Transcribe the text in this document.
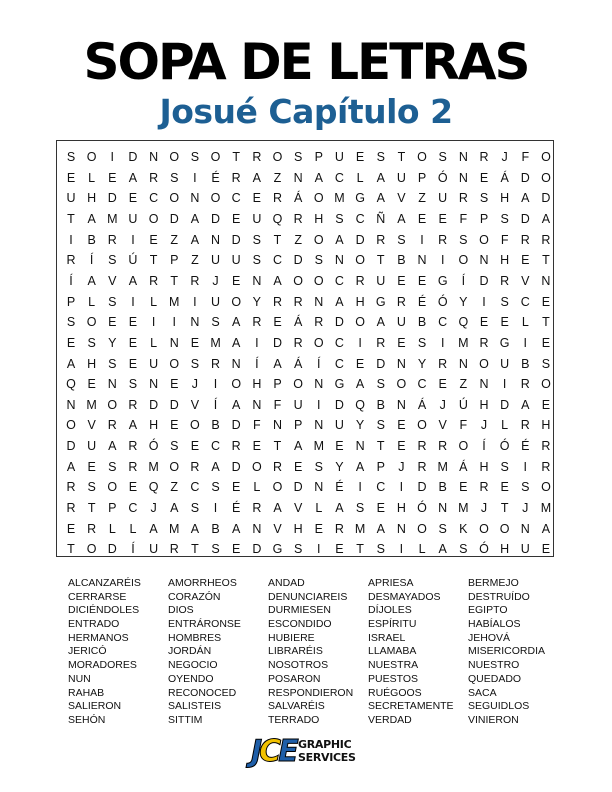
SOPA DE LETRAS
Josué Capítulo 2
S O	I	D N O S O T R O S P U E S	T O S N R	J	F O
E	L	E A R S	I	É R A	Z N A C	L	A U P Ó N E Á D O
U H D E C O N O C E R Á O M G A V	Z U R S H A D
T	A M U O D A D E U Q R H S C Ñ A E E	F	P S D A
I	B R	I	E	Z	A N D S	T	Z O A D R S	I	R S O F R R
R	Í	S Ú T	P	Z U U S C D S N O T	B N	I	O N H E	T
Í	A V A R T R	J	E N A O O C R U E E G	Í	D R V N
P	L	S	I	L M	I	U O Y R R N A H G R É Ó Y	I	S C E
S O E E	I	I	N S A R E Á R D O A U B C Q E E	L	T
E S Y E	L	N E M A	I	D R O C	I	R E S	I	M R G	I	E
A H S E U O S R N	Í	A Á	Í	C E D N Y R N O U B S
Q E N S N E	J	I	O H P O N G A S O C E	Z N	I	R O
N M O R D D V	Í	A N F U	I	D Q B N Á	J	Ú H D A E
O V R A H E O B D F N P N U Y S E O V	F	J	L	R H
D U A R Ó S E C R E	T	A M E N T	E R R O	Í	Ó É R
A E S R M O R A D O R E S Y A P	J	R M Á H S	I	R
R S O E Q Z C S E	L O D N É	I	C	I	D B E R E S O
R T	P C	J	A S	I	É R A V	L	A S E H Ó N M J	T	J M
E R	L	L	A M A B A N V H E R M A N O S K O O N A
T O D	Í	U R T	S E D G S	I	E	T	S	I	L	A S Ó H U E
ALCANZARÉIS
CERRARSE
DICIÉNDOLES
ENTRADO
HERMANOS
JERICÓ
MORADORES
NUN
RAHAB
SALIERON
SEHÓN
AMORRHEOS
CORAZÓN
DIOS
ENTRÁRONSE
HOMBRES
JORDÁN
NEGOCIO
OYENDO
RECONOCED
SALISTEIS
SITTIM
ANDAD
DENUNCIAREIS
DURMIESEN
ESCONDIDO
HUBIERE
LIBRARÉIS
NOSOTROS
POSARON
RESPONDIERON
SALVARÉIS
TERRADO
APRIESA
DESMAYADOS
DÍJOLES
ESPÍRITU
ISRAEL
LLAMABA
NUESTRA
PUESTOS
RUÉGOOS
SECRETAMENTE
VERDAD
BERMEJO
DESTRUÍDO
EGIPTO
HABÍALOS
JEHOVÁ
MISERICORDIA
NUESTRO
QUEDADO
SACA
SEGUIDLOS
VINIERON
JCE GRAPHIC
SERVICES
